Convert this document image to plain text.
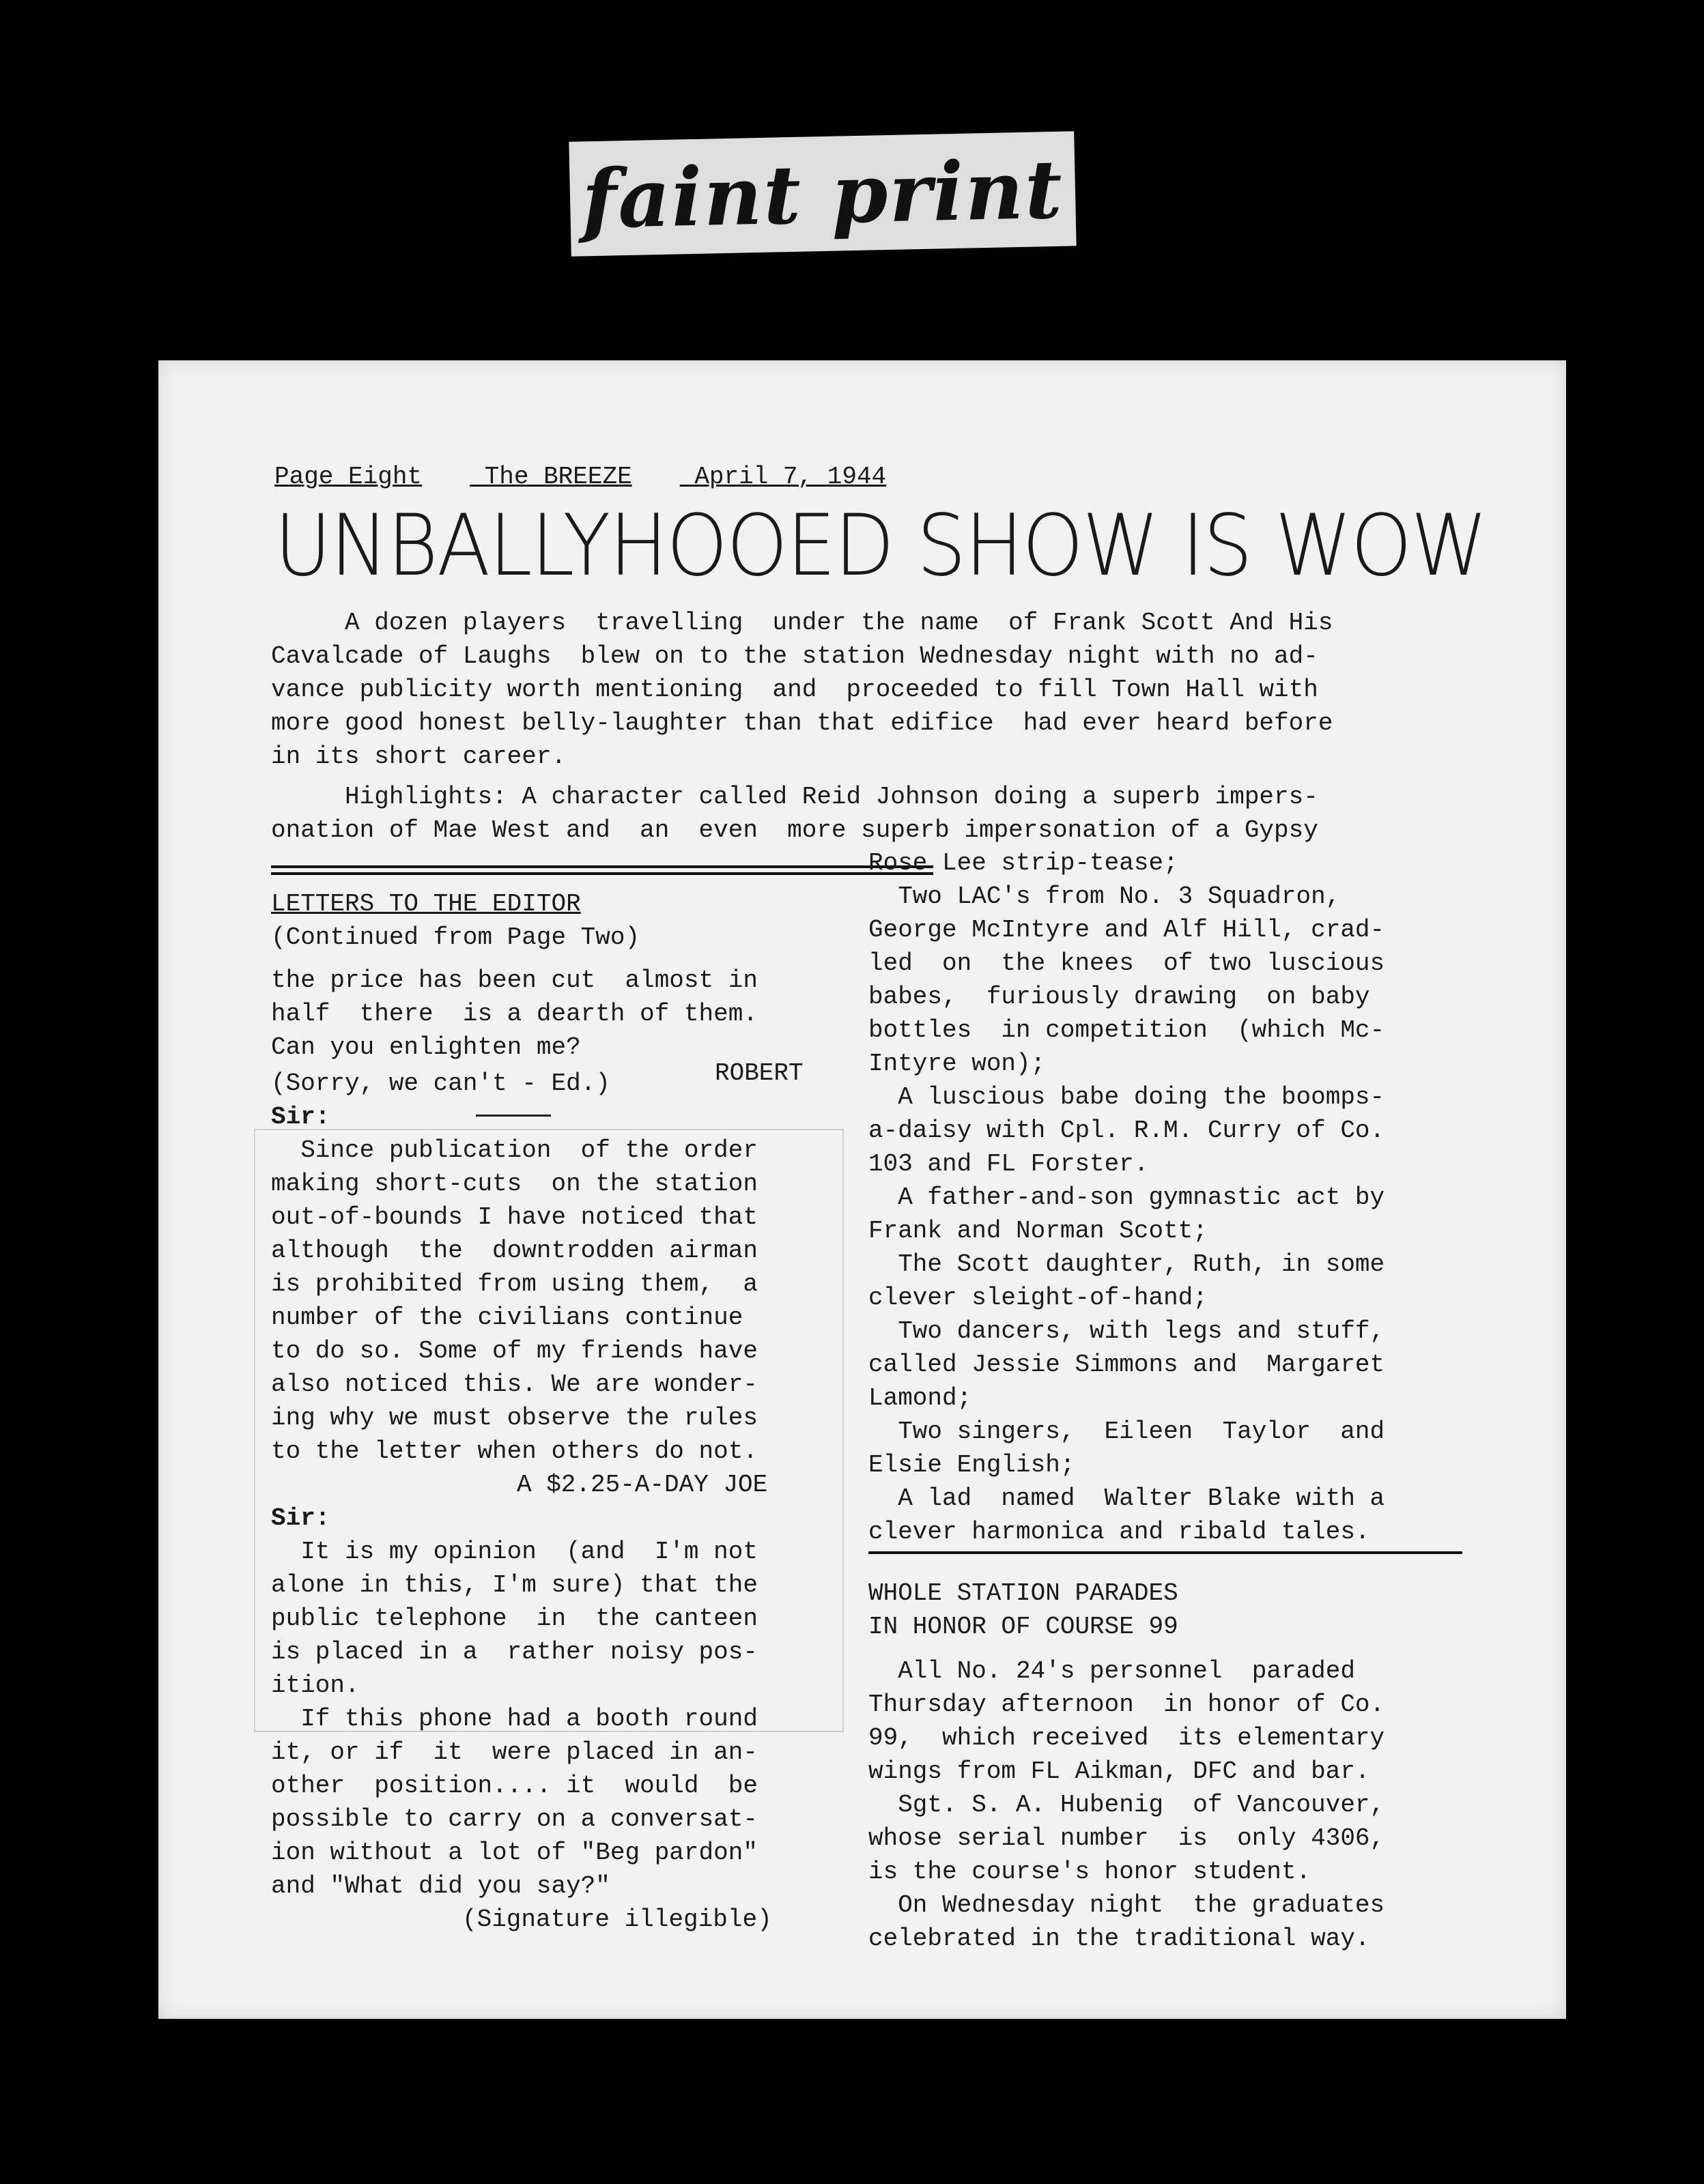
faint print
Page Eight	The BREEZE	April 7, 1944
UNBALLYHOOED SHOW IS WOW
A dozen players  travelling  under the name  of Frank Scott And His
Cavalcade of Laughs  blew on to the station Wednesday night with no ad-
vance publicity worth mentioning  and  proceeded to fill Town Hall with
more good honest belly-laughter than that edifice  had ever heard before
in its short career.
Highlights: A character called Reid Johnson doing a superb impers-
onation of Mae West and  an  even  more superb impersonation of a Gypsy
LETTERS TO THE EDITOR
(Continued from Page Two)
the price has been cut  almost in
half  there  is a dearth of them.
Can you enlighten me?
(Sorry, we can't - Ed.)
Sir:
Since publication  of the order
making short-cuts  on the station
out-of-bounds I have noticed that
although  the  downtrodden airman
is prohibited from using them,  a
number of the civilians continue
to do so. Some of my friends have
also noticed this. We are wonder-
ing why we must observe the rules
to the letter when others do not.
A $2.25-A-DAY JOE
Sir:
It is my opinion  (and  I'm not
alone in this, I'm sure) that the
public telephone  in  the canteen
is placed in a  rather noisy pos-
ition.
If this phone had a booth round
it, or if  it  were placed in an-
other  position.... it  would  be
possible to carry on a conversat-
ion without a lot of "Beg pardon"
and "What did you say?"
(Signature illegible)
ROBERT
Rose Lee strip-tease;
Two LAC's from No. 3 Squadron,
George McIntyre and Alf Hill, crad-
led  on  the knees  of two luscious
babes,  furiously drawing  on baby
bottles  in competition  (which Mc-
Intyre won);
A luscious babe doing the boomps-
a-daisy with Cpl. R.M. Curry of Co.
103 and FL Forster.
A father-and-son gymnastic act by
Frank and Norman Scott;
The Scott daughter, Ruth, in some
clever sleight-of-hand;
Two dancers, with legs and stuff,
called Jessie Simmons and  Margaret
Lamond;
Two singers,  Eileen  Taylor  and
Elsie English;
A lad  named  Walter Blake with a
clever harmonica and ribald tales.
WHOLE STATION PARADES
IN HONOR OF COURSE 99
All No. 24's personnel  paraded
Thursday afternoon  in honor of Co.
99,  which received  its elementary
wings from FL Aikman, DFC and bar.
Sgt. S. A. Hubenig  of Vancouver,
whose serial number  is  only 4306,
is the course's honor student.
On Wednesday night  the graduates
celebrated in the traditional way.
